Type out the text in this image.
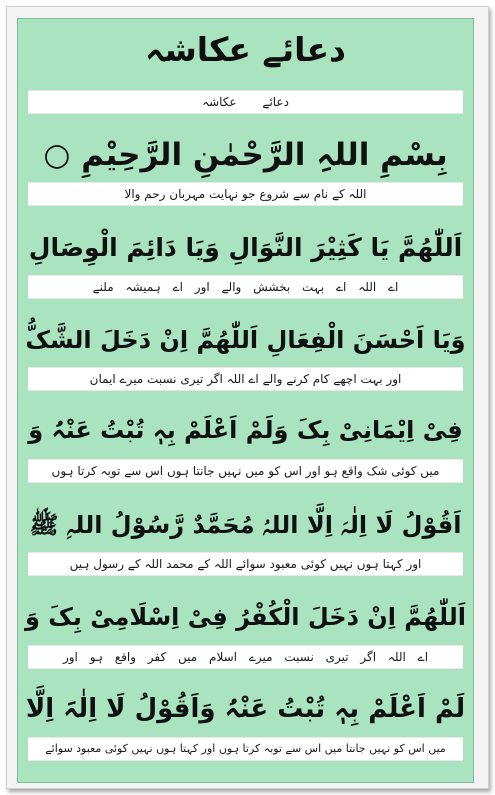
دعائے عکاشہ
دعائے عکاشہ
بِسْمِ اللہِ الرَّحْمٰنِ الرَّحِیْمِ ○
اللہ کے نام سے شروع جو نہایت مہربان رحم والا
اَللّٰھُمَّ یَا کَثِیْرَ النَّوَالِ وَیَا دَائِمَ الْوِصَالِ
اے اللہ اے بہت بخشش والے اور اے ہمیشہ ملنے
وَیَا اَحْسَنَ الْفِعَالِ اَللّٰھُمَّ اِنْ دَخَلَ الشَّکُّ
اور بہت اچھے کام کرنے والے اے اللہ اگر تیری نسبت میرے ایمان
فِیْ اِیْمَانِیْ بِکَ وَلَمْ اَعْلَمْ بِہٖ تُبْتُ عَنْہُ وَ
میں کوئی شک واقع ہو اور اس کو میں نہیں جانتا ہوں اس سے توبہ کرتا ہوں
اَقُوْلُ لَا اِلٰہَ اِلَّا اللہُ مُحَمَّدٌ رَّسُوْلُ اللہِ ﷺ
اور کہتا ہوں نہیں کوئی معبود سوائے اللہ کے محمد اللہ کے رسول ہیں
اَللّٰھُمَّ اِنْ دَخَلَ الْکُفْرُ فِیْ اِسْلَامِیْ بِکَ وَ
اے اللہ اگر تیری نسبت میرے اسلام میں کفر واقع ہو اور
لَمْ اَعْلَمْ بِہٖ تُبْتُ عَنْہُ وَاَقُوْلُ لَا اِلٰہَ اِلَّا
میں اس کو نہیں جانتا میں اس سے توبہ کرتا ہوں اور کہتا ہوں نہیں کوئی معبود سوائے
